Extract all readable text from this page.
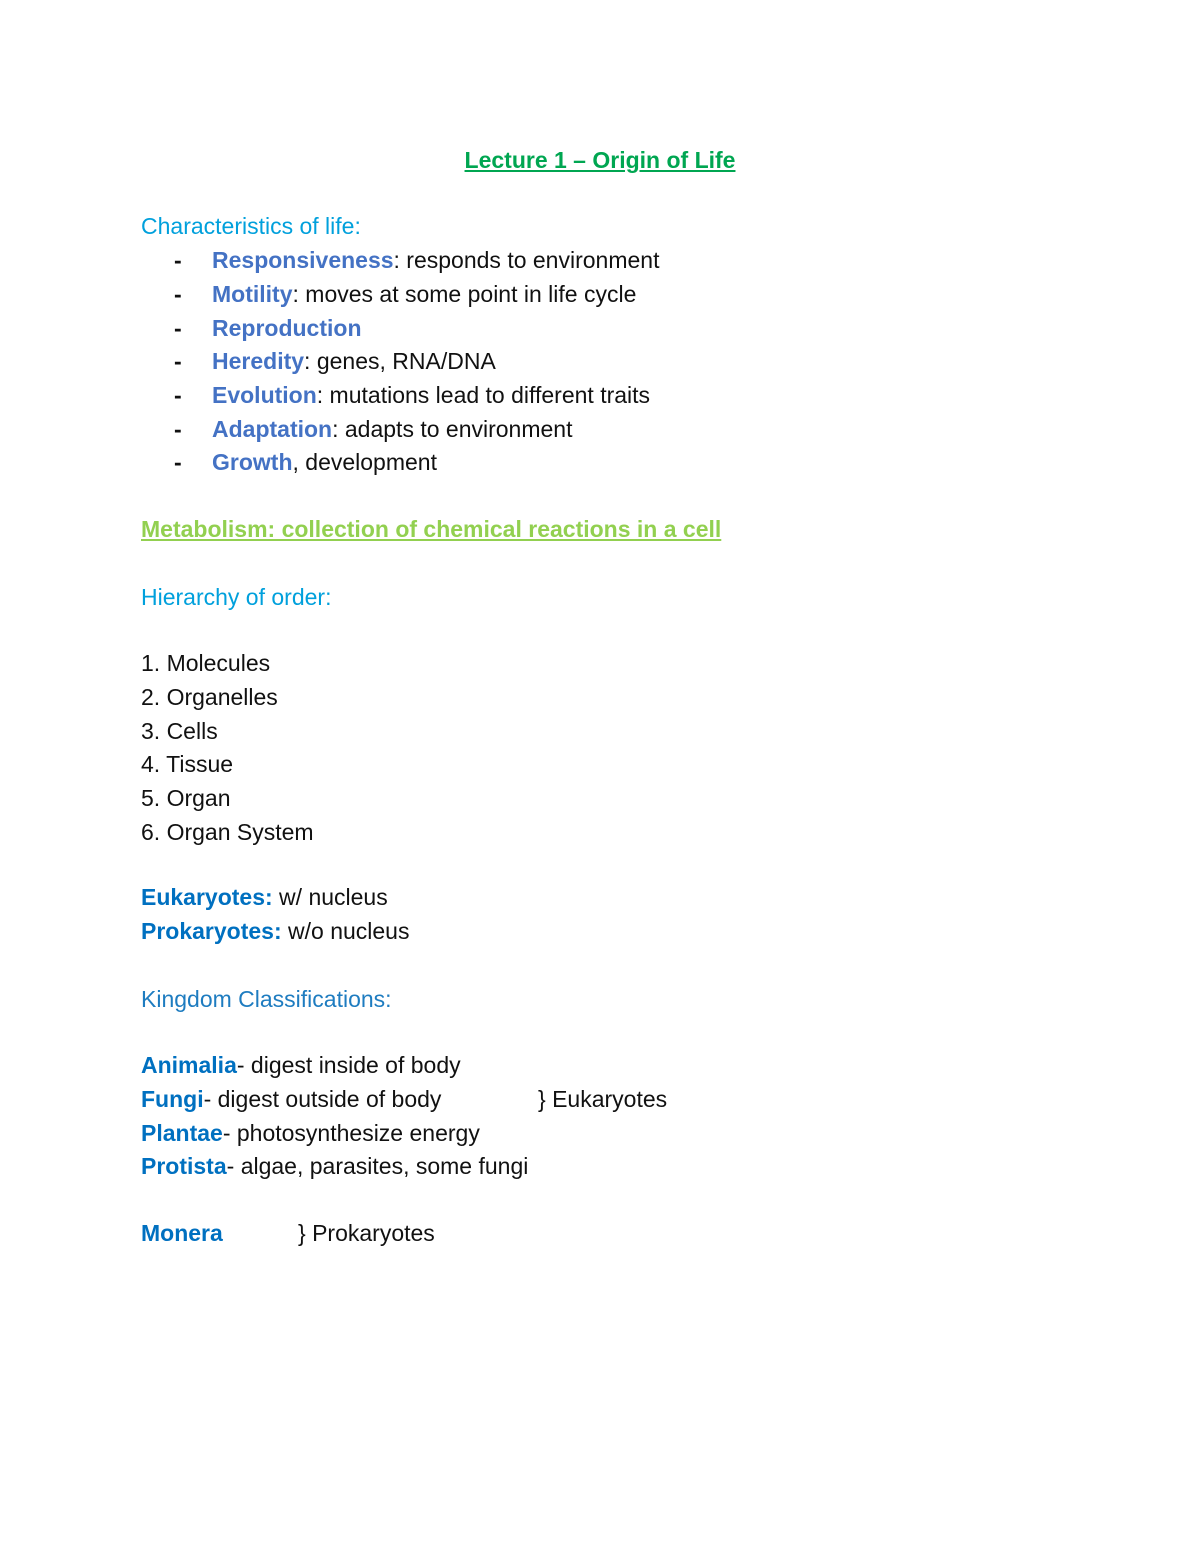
Lecture 1 – Origin of Life
Characteristics of life:
- Responsiveness: responds to environment
- Motility: moves at some point in life cycle
- Reproduction
- Heredity: genes, RNA/DNA
- Evolution: mutations lead to different traits
- Adaptation: adapts to environment
- Growth, development
Metabolism: collection of chemical reactions in a cell
Hierarchy of order:
1. Molecules
2. Organelles
3. Cells
4. Tissue
5. Organ
6. Organ System
Eukaryotes: w/ nucleus
Prokaryotes: w/o nucleus
Kingdom Classifications:
Animalia- digest inside of body
Fungi- digest outside of body
Plantae- photosynthesize energy
Protista- algae, parasites, some fungi
Monera
} Eukaryotes
} Prokaryotes
